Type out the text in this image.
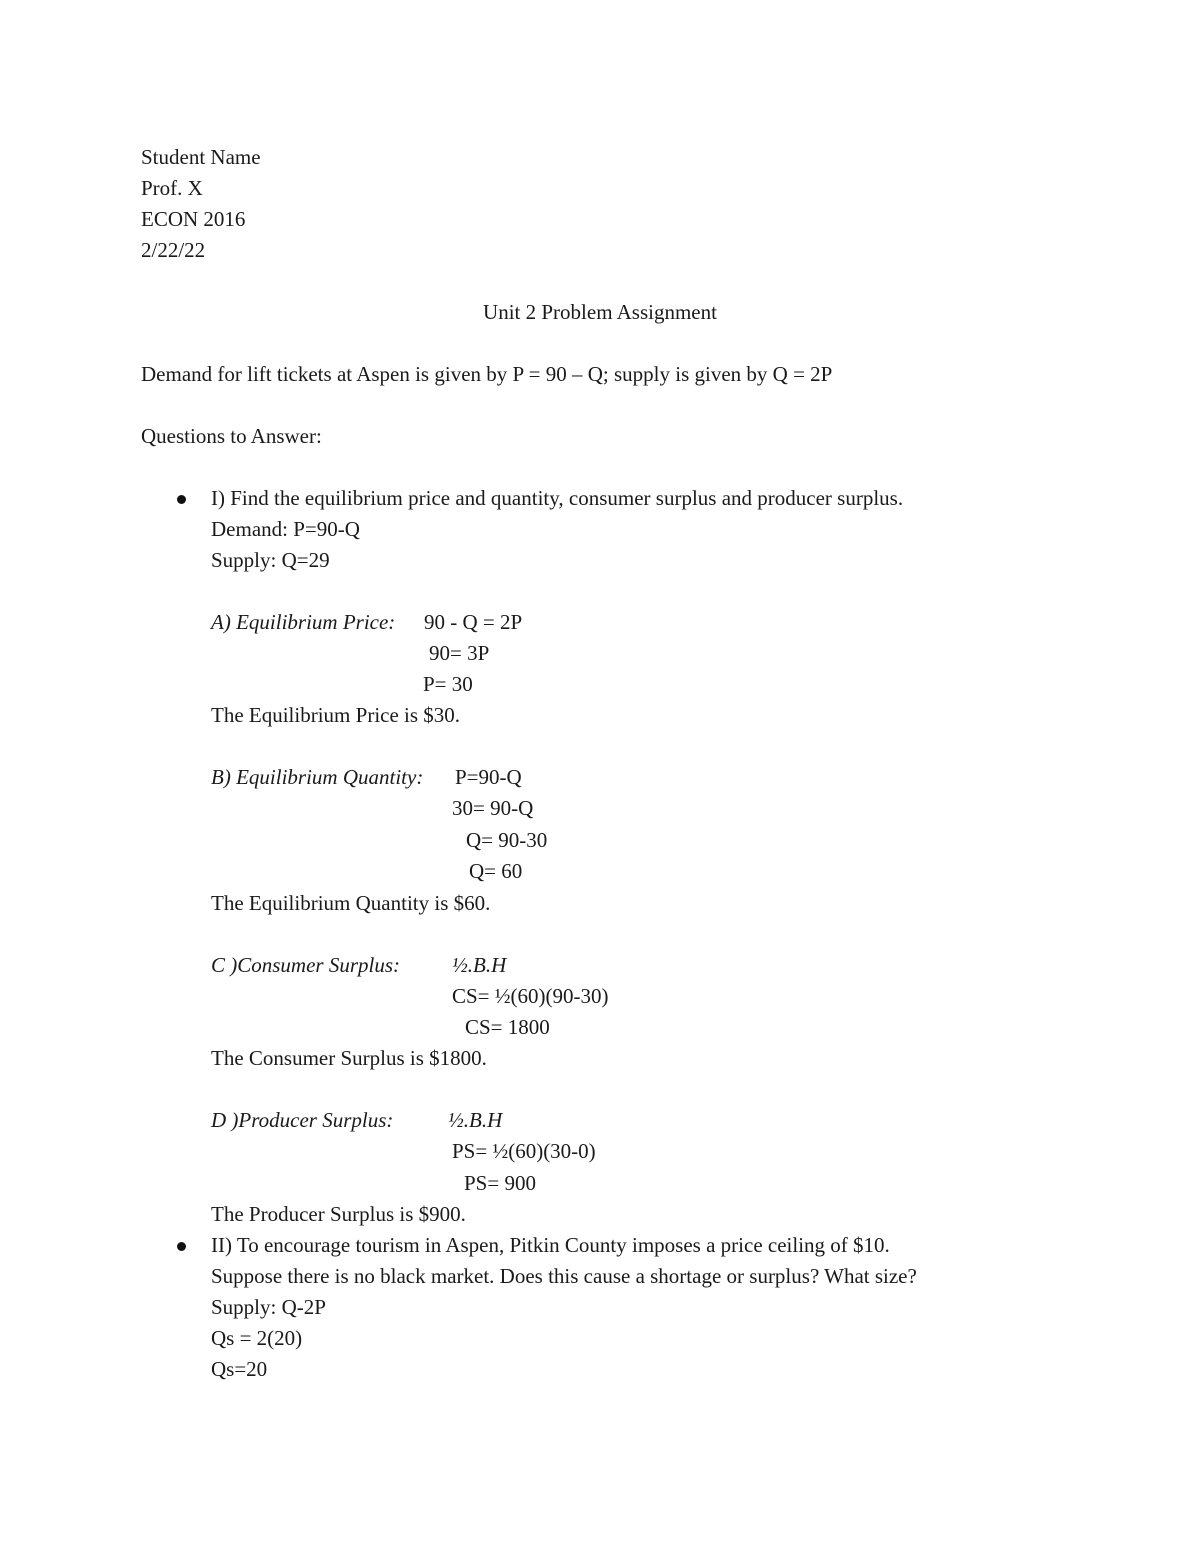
Student Name
Prof. X
ECON 2016
2/22/22
Unit 2 Problem Assignment
Demand for lift tickets at Aspen is given by P = 90 – Q; supply is given by Q = 2P
Questions to Answer:
I) Find the equilibrium price and quantity, consumer surplus and producer surplus.
Demand: P=90-Q
Supply: Q=29
A) Equilibrium Price: 90 - Q = 2P
90= 3P
P= 30
The Equilibrium Price is $30.
B) Equilibrium Quantity: P=90-Q
30= 90-Q
Q= 90-30
Q= 60
The Equilibrium Quantity is $60.
C )Consumer Surplus: ½.B.H
CS= ½(60)(90-30)
CS= 1800
The Consumer Surplus is $1800.
D )Producer Surplus:	½.B.H
PS= ½(60)(30-0)
PS= 900
The Producer Surplus is $900.
II) To encourage tourism in Aspen, Pitkin County imposes a price ceiling of $10.
Suppose there is no black market. Does this cause a shortage or surplus? What size?
Supply: Q-2P
Qs = 2(20)
Qs=20
